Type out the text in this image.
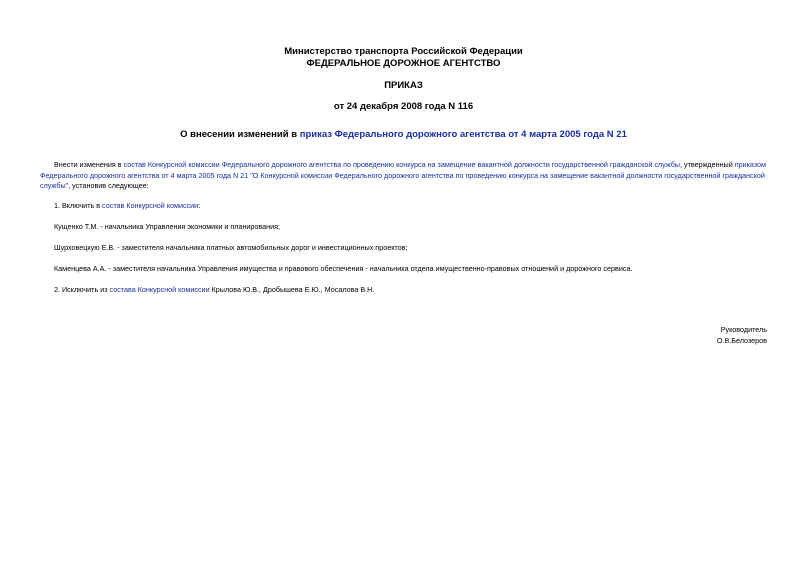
Министерство транспорта Российской Федерации
ФЕДЕРАЛЬНОЕ ДОРОЖНОЕ АГЕНТСТВО
ПРИКАЗ
от 24 декабря 2008 года N 116
О внесении изменений в приказ Федерального дорожного агентства от 4 марта 2005 года N 21
Внести изменения в состав Конкурсной комиссии Федерального дорожного агентства по проведению конкурса на замещение вакантной должности государственной гражданской службы, утвержденный приказом Федерального дорожного агентства от 4 марта 2005 года N 21 "О Конкурсной комиссии Федерального дорожного агентства по проведению конкурса на замещение вакантной должности государственной гражданской службы", установив следующее:
1. Включить в состав Конкурсной комиссии:
Кущенко Т.М. - начальника Управления экономики и планирования;
Шурховецкую Е.В. - заместителя начальника платных автомобильных дорог и инвестиционных проектов;
Каменцева А.А. - заместителя начальника Управления имущества и правового обеспечения - начальника отдела имущественно-правовых отношений и дорожного сервиса.
2. Исключить из состава Конкурсной комиссии Крылова Ю.В., Дробышева Е.Ю., Мосалова В.Н.
Руководитель
О.В.Белозеров
